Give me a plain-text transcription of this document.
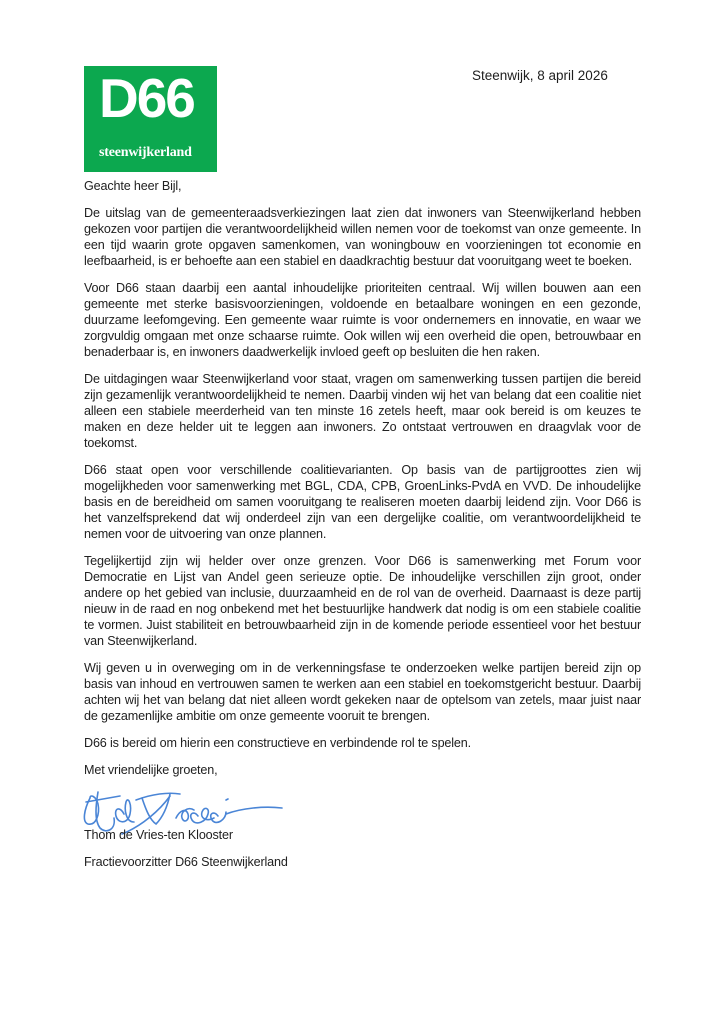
D66
steenwijkerland
Steenwijk, 8 april 2026

Geachte heer Bijl,

De uitslag van de gemeenteraadsverkiezingen laat zien dat inwoners van Steenwijkerland hebben gekozen voor partijen die verantwoordelijkheid willen nemen voor de toekomst van onze gemeente. In een tijd waarin grote opgaven samenkomen, van woningbouw en voorzieningen tot economie en leefbaarheid, is er behoefte aan een stabiel en daadkrachtig bestuur dat vooruitgang weet te boeken.

Voor D66 staan daarbij een aantal inhoudelijke prioriteiten centraal. Wij willen bouwen aan een gemeente met sterke basisvoorzieningen, voldoende en betaalbare woningen en een gezonde, duurzame leefomgeving. Een gemeente waar ruimte is voor ondernemers en innovatie, en waar we zorgvuldig omgaan met onze schaarse ruimte. Ook willen wij een overheid die open, betrouwbaar en benaderbaar is, en inwoners daadwerkelijk invloed geeft op besluiten die hen raken.

De uitdagingen waar Steenwijkerland voor staat, vragen om samenwerking tussen partijen die bereid zijn gezamenlijk verantwoordelijkheid te nemen. Daarbij vinden wij het van belang dat een coalitie niet alleen een stabiele meerderheid van ten minste 16 zetels heeft, maar ook bereid is om keuzes te maken en deze helder uit te leggen aan inwoners. Zo ontstaat vertrouwen en draagvlak voor de toekomst.

D66 staat open voor verschillende coalitievarianten. Op basis van de partijgroottes zien wij mogelijkheden voor samenwerking met BGL, CDA, CPB, GroenLinks-PvdA en VVD. De inhoudelijke basis en de bereidheid om samen vooruitgang te realiseren moeten daarbij leidend zijn. Voor D66 is het vanzelfsprekend dat wij onderdeel zijn van een dergelijke coalitie, om verantwoordelijkheid te nemen voor de uitvoering van onze plannen.

Tegelijkertijd zijn wij helder over onze grenzen. Voor D66 is samenwerking met Forum voor Democratie en Lijst van Andel geen serieuze optie. De inhoudelijke verschillen zijn groot, onder andere op het gebied van inclusie, duurzaamheid en de rol van de overheid. Daarnaast is deze partij nieuw in de raad en nog onbekend met het bestuurlijke handwerk dat nodig is om een stabiele coalitie te vormen. Juist stabiliteit en betrouwbaarheid zijn in de komende periode essentieel voor het bestuur van Steenwijkerland.

Wij geven u in overweging om in de verkenningsfase te onderzoeken welke partijen bereid zijn op basis van inhoud en vertrouwen samen te werken aan een stabiel en toekomstgericht bestuur. Daarbij achten wij het van belang dat niet alleen wordt gekeken naar de optelsom van zetels, maar juist naar de gezamenlijke ambitie om onze gemeente vooruit te brengen.

D66 is bereid om hierin een constructieve en verbindende rol te spelen.

Met vriendelijke groeten,

Thom de Vries-ten Klooster

Fractievoorzitter D66 Steenwijkerland
